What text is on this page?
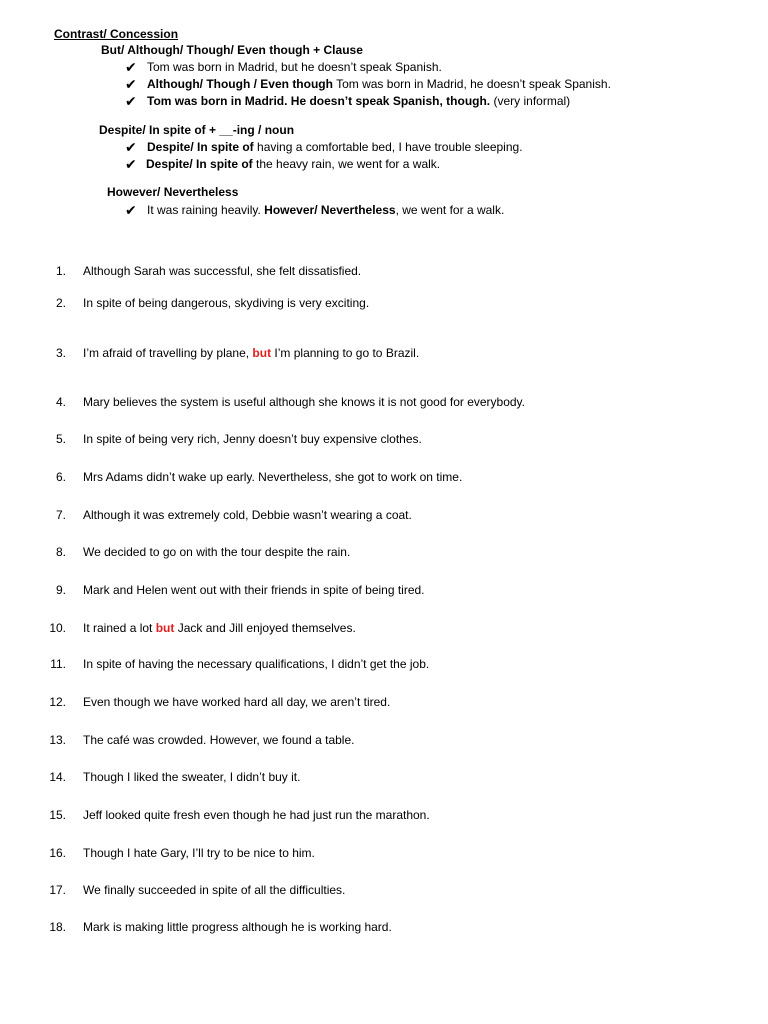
Contrast/ Concession
But/ Although/ Though/ Even though + Clause
✔ Tom was born in Madrid, but he doesn’t speak Spanish.
✔ Although/ Though / Even though Tom was born in Madrid, he doesn’t speak Spanish.
✔ Tom was born in Madrid. He doesn’t speak Spanish, though. (very informal)
Despite/ In spite of + __-ing / noun
✔ Despite/ In spite of having a comfortable bed, I have trouble sleeping.
✔ Despite/ In spite of the heavy rain, we went for a walk.
However/ Nevertheless
✔ It was raining heavily. However/ Nevertheless, we went for a walk.
1. Although Sarah was successful, she felt dissatisfied.
2. In spite of being dangerous, skydiving is very exciting.
3. I’m afraid of travelling by plane, but I’m planning to go to Brazil.
4. Mary believes the system is useful although she knows it is not good for everybody.
5. In spite of being very rich, Jenny doesn’t buy expensive clothes.
6. Mrs Adams didn’t wake up early. Nevertheless, she got to work on time.
7. Although it was extremely cold, Debbie wasn’t wearing a coat.
8. We decided to go on with the tour despite the rain.
9. Mark and Helen went out with their friends in spite of being tired.
10. It rained a lot but Jack and Jill enjoyed themselves.
11. In spite of having the necessary qualifications, I didn’t get the job.
12. Even though we have worked hard all day, we aren’t tired.
13. The café was crowded. However, we found a table.
14. Though I liked the sweater, I didn’t buy it.
15. Jeff looked quite fresh even though he had just run the marathon.
16. Though I hate Gary, I’ll try to be nice to him.
17. We finally succeeded in spite of all the difficulties.
18. Mark is making little progress although he is working hard.
